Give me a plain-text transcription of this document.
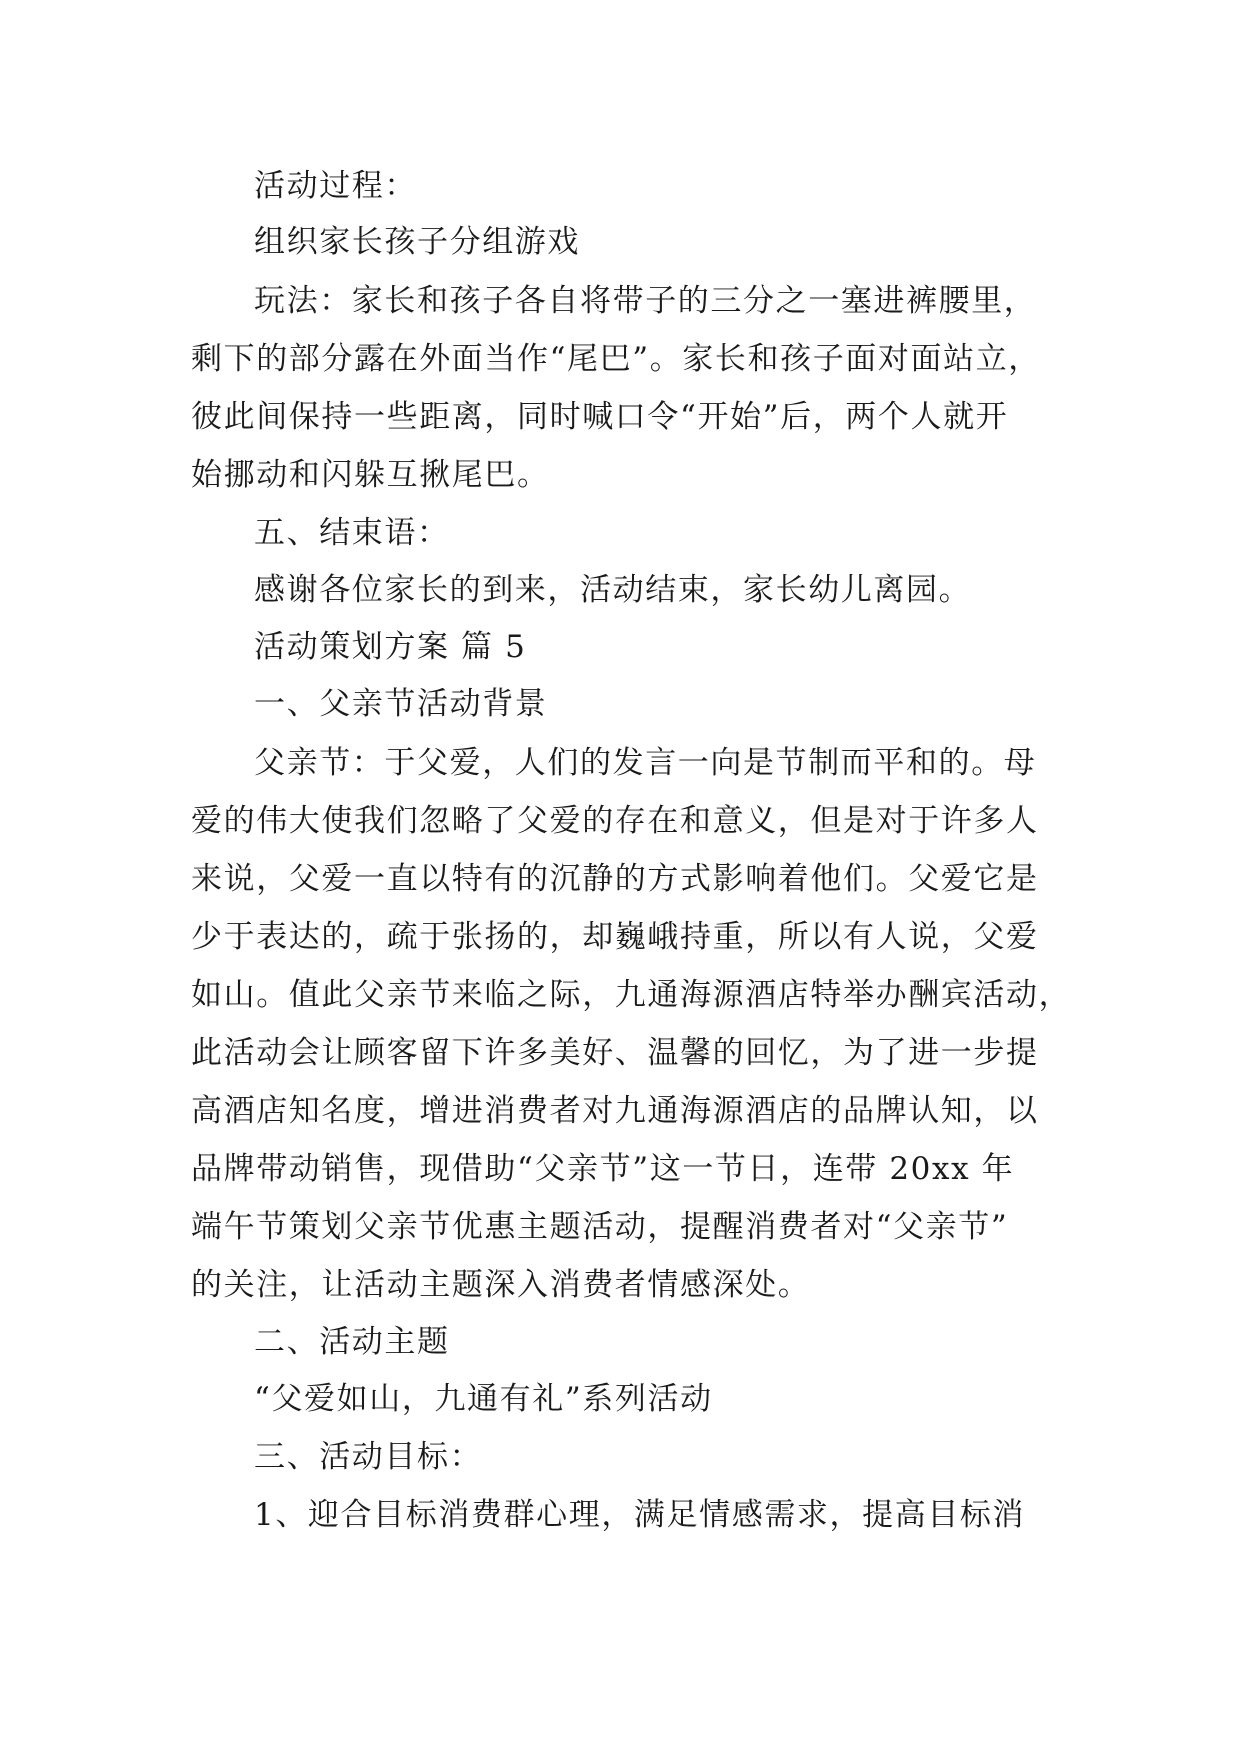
活动过程：
组织家长孩子分组游戏
玩法：家长和孩子各自将带子的三分之一塞进裤腰里，
剩下的部分露在外面当作“尾巴”。家长和孩子面对面站立，
彼此间保持一些距离，同时喊口令“开始”后，两个人就开
始挪动和闪躲互揪尾巴。
五、结束语：
感谢各位家长的到来，活动结束，家长幼儿离园。
活动策划方案 篇 5
一、父亲节活动背景
父亲节：于父爱，人们的发言一向是节制而平和的。母
爱的伟大使我们忽略了父爱的存在和意义，但是对于许多人
来说，父爱一直以特有的沉静的方式影响着他们。父爱它是
少于表达的，疏于张扬的，却巍峨持重，所以有人说，父爱
如山。值此父亲节来临之际，九通海源酒店特举办酬宾活动，
此活动会让顾客留下许多美好、温馨的回忆，为了进一步提
高酒店知名度，增进消费者对九通海源酒店的品牌认知，以
品牌带动销售，现借助“父亲节”这一节日，连带 20xx 年
端午节策划父亲节优惠主题活动，提醒消费者对“父亲节”
的关注，让活动主题深入消费者情感深处。
二、活动主题
“父爱如山，九通有礼”系列活动
三、活动目标：
1、迎合目标消费群心理，满足情感需求，提高目标消
